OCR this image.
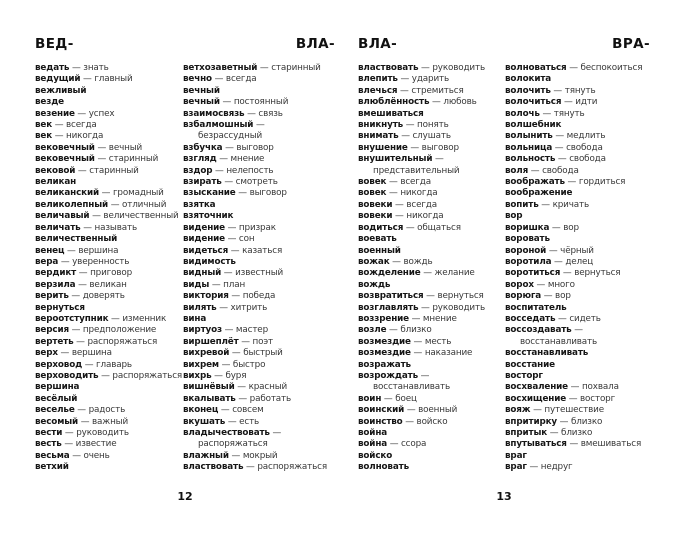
ВЕД-	ВЛА-
ведать — знать
ведущий — главный
вежливый
везде
везение — успех
век — всегда
век — никогда
вековечный — вечный
вековечный — старинный
вековой — старинный
великан
великанский — громадный
великолепный — отличный
величавый — величественный
величать — называть
величественный
венец — вершина
вера — уверенность
вердикт — приговор
верзила — великан
верить — доверять
вернуться
вероотступник — изменник
версия — предположение
вертеть — распоряжаться
верх — вершина
верховод — главарь
верховодить — распоряжаться
вершина
весёлый
веселье — радость
весомый — важный
вести — руководить
весть — известие
весьма — очень
ветхий
ветхозаветный — старинный
вечно — всегда
вечный
вечный — постоянный
взаимосвязь — связь
взбалмошный —
безрассудный
взбучка — выговор
взгляд — мнение
вздор — нелепость
взирать — смотреть
взыскание — выговор
взятка
взяточник
видение — призрак
видение — сон
видеться — казаться
видимость
видный — известный
виды — план
виктория — победа
вилять — хитрить
вина
виртуоз — мастер
виршеплёт — поэт
вихревой — быстрый
вихрем — быстро
вихрь — буря
вишнёвый — красный
вкалывать — работать
вконец — совсем
вкушать — есть
владычествовать —
распоряжаться
влажный — мокрый
властвовать — распоряжаться
12
ВЛА-	ВРА-
властвовать — руководить
влепить — ударить
влечься — стремиться
влюблённость — любовь
вмешиваться
вникнуть — понять
внимать — слушать
внушение — выговор
внушительный —
представительный
вовек — всегда
вовек — никогда
вовеки — всегда
вовеки — никогда
водиться — общаться
воевать
военный
вожак — вождь
вожделение — желание
вождь
возвратиться — вернуться
возглавлять — руководить
воззрение — мнение
возле — близко
возмездие — месть
возмездие — наказание
возражать
возрождать —
восстанавливать
воин — боец
воинский — военный
воинство — войско
война
война — ссора
войско
волновать
волноваться — беспокоиться
волокита
волочить — тянуть
волочиться — идти
волочь — тянуть
волшебник
волынить — медлить
вольница — свобода
вольность — свобода
воля — свобода
воображать — гордиться
воображение
вопить — кричать
вор
воришка — вор
воровать
вороной — чёрный
воротила — делец
воротиться — вернуться
ворох — много
ворюга — вор
воспитатель
восседать — сидеть
воссоздавать —
восстанавливать
восстанавливать
восстание
восторг
восхваление — похвала
восхищение — восторг
вояж — путешествие
впритирку — близко
впритык — близко
впутываться — вмешиваться
враг
враг — недруг
13
